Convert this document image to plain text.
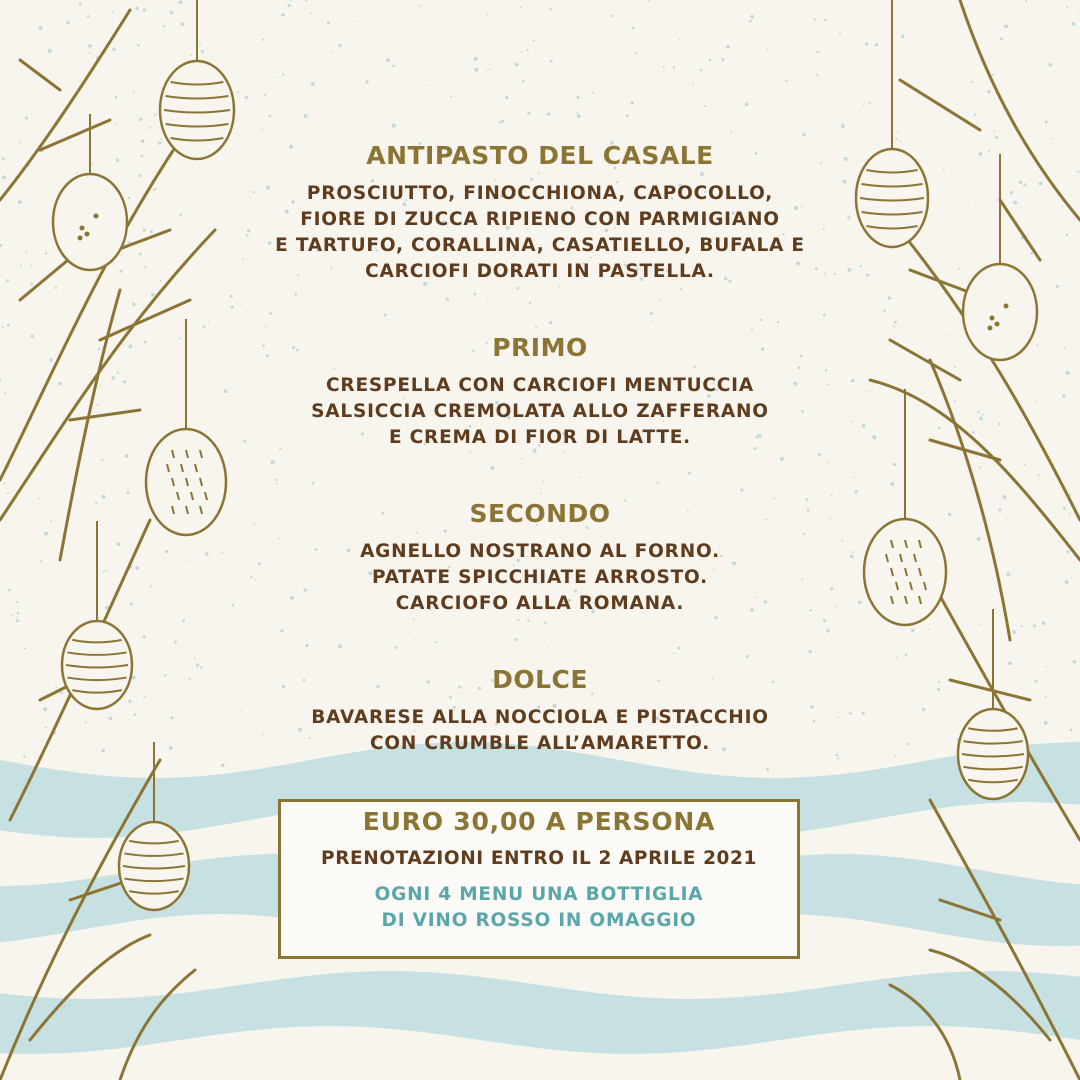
ANTIPASTO DEL CASALE
PROSCIUTTO, FINOCCHIONA, CAPOCOLLO,
FIORE DI ZUCCA RIPIENO CON PARMIGIANO
E TARTUFO, CORALLINA, CASATIELLO, BUFALA E
CARCIOFI DORATI IN PASTELLA.
PRIMO
CRESPELLA CON CARCIOFI MENTUCCIA
SALSICCIA CREMOLATA ALLO ZAFFERANO
E CREMA DI FIOR DI LATTE.
SECONDO
AGNELLO NOSTRANO AL FORNO.
PATATE SPICCHIATE ARROSTO.
CARCIOFO ALLA ROMANA.
DOLCE
BAVARESE ALLA NOCCIOLA E PISTACCHIO
CON CRUMBLE ALL’AMARETTO.
EURO 30,00 A PERSONA
PRENOTAZIONI ENTRO IL 2 APRILE 2021
OGNI 4 MENU UNA BOTTIGLIA
DI VINO ROSSO IN OMAGGIO
